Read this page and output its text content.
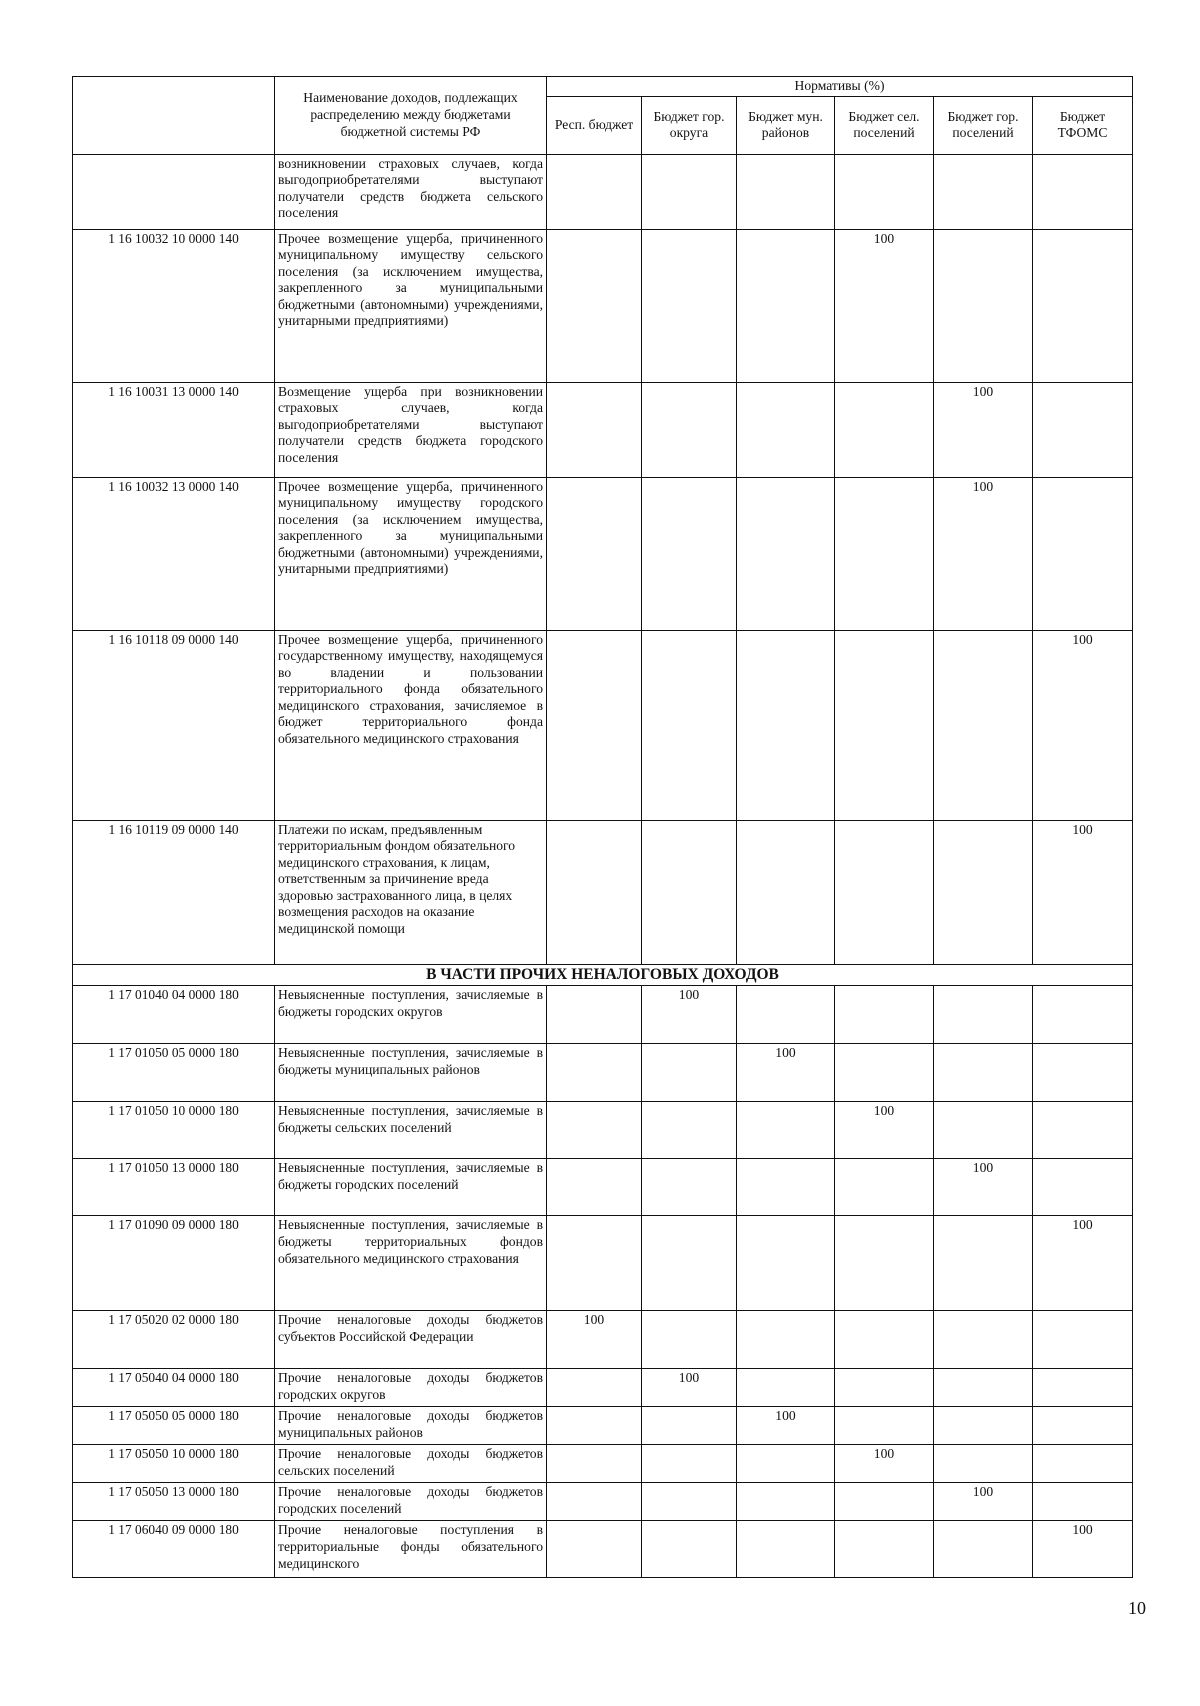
	Наименование доходов, подлежащих распределению между бюджетами бюджетной системы РФ	Нормативы (%)					
		Респ. бюджет	Бюджет гор. округа	Бюджет мун. районов	Бюджет сел. поселений	Бюджет гор. поселений	Бюджет ТФОМС
	возникновении страховых случаев, когда выгодоприобретателями выступают получатели средств бюджета сельского поселения						
1 16 10032 10 0000 140	Прочее возмещение ущерба, причиненного муниципальному имуществу сельского поселения (за исключением имущества, закрепленного за муниципальными бюджетными (автономными) учреждениями, унитарными предприятиями)				100		
1 16 10031 13 0000 140	Возмещение ущерба при возникновении страховых случаев, когда выгодоприобретателями выступают получатели средств бюджета городского поселения					100	
1 16 10032 13 0000 140	Прочее возмещение ущерба, причиненного муниципальному имуществу городского поселения (за исключением имущества, закрепленного за муниципальными бюджетными (автономными) учреждениями, унитарными предприятиями)					100	
1 16 10118 09 0000 140	Прочее возмещение ущерба, причиненного государственному имуществу, находящемуся во владении и пользовании территориального фонда обязательного медицинского страхования, зачисляемое в бюджет территориального фонда обязательного медицинского страхования						100
1 16 10119 09 0000 140	Платежи по искам, предъявленным территориальным фондом обязательного медицинского страхования, к лицам, ответственным за причинение вреда здоровью застрахованного лица, в целях возмещения расходов на оказание медицинской помощи						100
В ЧАСТИ ПРОЧИХ НЕНАЛОГОВЫХ ДОХОДОВ							
1 17 01040 04 0000 180	Невыясненные поступления, зачисляемые в бюджеты городских округов		100				
1 17 01050 05 0000 180	Невыясненные поступления, зачисляемые в бюджеты муниципальных районов			100			
1 17 01050 10 0000 180	Невыясненные поступления, зачисляемые в бюджеты сельских поселений				100		
1 17 01050 13 0000 180	Невыясненные поступления, зачисляемые в бюджеты городских поселений					100	
1 17 01090 09 0000 180	Невыясненные поступления, зачисляемые в бюджеты территориальных фондов обязательного медицинского страхования						100
1 17 05020 02 0000 180	Прочие неналоговые доходы бюджетов субъектов Российской Федерации	100					
1 17 05040 04 0000 180	Прочие неналоговые доходы бюджетов городских округов		100				
1 17 05050 05 0000 180	Прочие неналоговые доходы бюджетов муниципальных районов			100			
1 17 05050 10 0000 180	Прочие неналоговые доходы бюджетов сельских поселений				100		
1 17 05050 13 0000 180	Прочие неналоговые доходы бюджетов городских поселений					100	
1 17 06040 09 0000 180	Прочие неналоговые поступления в территориальные фонды обязательного медицинского						100
10
